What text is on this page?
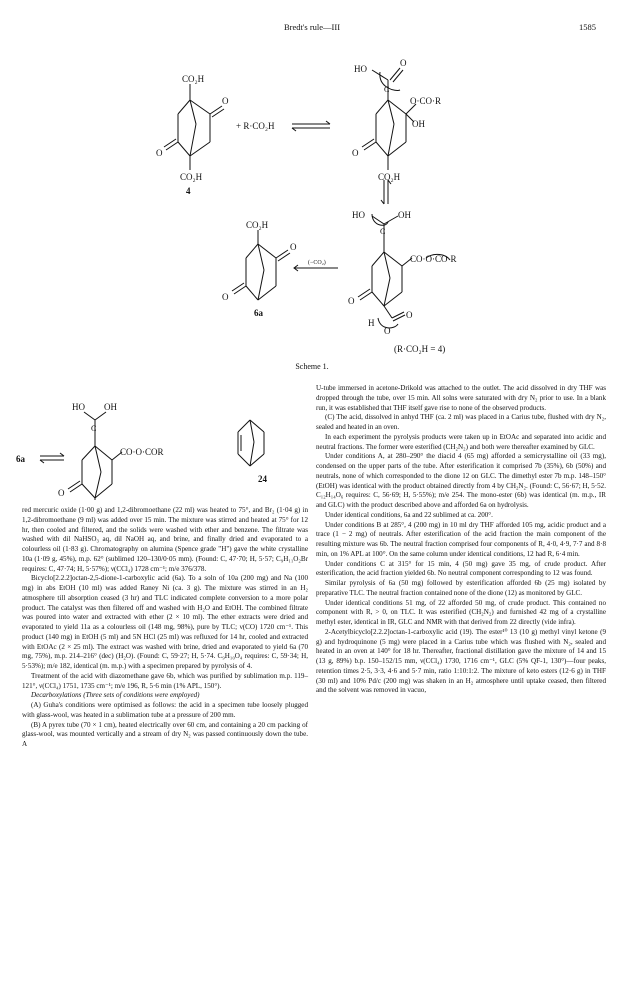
Bredt's rule—III	1585
CO₂H
O
O
CO₂H
4
+ R·CO₂H
HO
O
C
O·CO·R
OH
O
CO₂H
HO	OH
C
CO·O·CO·R
O
H
O
O
(R·CO₂H = 4)
CO₂H
O
O
6a
(−CO₂)
6a
HO OH
C
CO·O·COR
O
24
Scheme 1.

red mercuric oxide (1·00 g) and 1,2-dibromoethane (22 ml) was heated to 75°, and Br₂ (1·04 g) in 1,2-dibromoethane (9 ml) was added over 15 min. The mixture was stirred and heated at 75° for 12 hr, then cooled and filtered, and the solids were washed with ether and benzene. The filtrate was washed with dil NaHSO₃ aq, dil NaOH aq, and brine, and finally dried and evaporated to a colourless oil (1·83 g). Chromatography on alumina (Spence grade "H") gave the white crystalline 10a (1·09 g, 45%), m.p. 62° (sublimed 120–130/0·05 mm). (Found: C, 47·70; H, 5·57; C₉H₁₁O₂Br requires: C, 47·74; H, 5·57%); ν(CCl₄) 1728 cm⁻¹; m/e 376/378.

Bicyclo[2.2.2]octan-2,5-dione-1-carboxylic acid (6a). To a soln of 10a (200 mg) and Na (100 mg) in abs EtOH (10 ml) was added Raney Ni (ca. 3 g). The mixture was stirred in an H₂ atmosphere till absorption ceased (3 hr) and TLC indicated complete conversion to a more polar product. The catalyst was then filtered off and washed with H₂O and EtOH. The combined filtrate was poured into water and extracted with ether (2 × 10 ml). The ether extracts were dried and evaporated to yield 11a as a colourless oil (148 mg, 98%), pure by TLC; ν(CO) 1720 cm⁻¹. This product (140 mg) in EtOH (5 ml) and 5N HCl (25 ml) was refluxed for 14 hr, cooled and extracted with EtOAc (2 × 25 ml). The extract was washed with brine, dried and evaporated to yield 6a (70 mg, 75%), m.p. 214–216° (dec) (H₂O). (Found: C, 59·27; H, 5·74. C₉H₁₀O₄ requires: C, 59·34; H, 5·53%); m/e 182, identical (m. m.p.) with a specimen prepared by pyrolysis of 4.

Treatment of the acid with diazomethane gave 6b, which was purified by sublimation m.p. 119–121°, ν(CCl₄) 1751, 1735 cm⁻¹; m/e 196, R, 5·6 min (1% APL, 150°).

Decarboxylations (Three sets of conditions were employed)

(A) Guha's conditions were optimised as follows: the acid in a specimen tube loosely plugged with glass-wool, was heated in a sublimation tube at a pressure of 200 mm.

(B) A pyrex tube (70 × 1 cm), heated electrically over 60 cm, and containing a 20 cm packing of glass-wool, was mounted vertically and a stream of dry N₂ was passed continuously down the tube. A

U-tube immersed in acetone-Drikold was attached to the outlet. The acid dissolved in dry THF was dropped through the tube, over 15 min. All solns were saturated with dry N₂ prior to use. In a blank run, it was established that THF itself gave rise to none of the observed products.

(C) The acid, dissolved in anhyd THF (ca. 2 ml) was placed in a Carius tube, flushed with dry N₂, sealed and heated in an oven.

In each experiment the pyrolysis products were taken up in EtOAc and separated into acidic and neutral fractions. The former were esterified (CH₂N₂) and both were thereafter examined by GLC.

Under conditions A, at 280–290° the diacid 4 (65 mg) afforded a semicrystalline oil (33 mg), condensed on the upper parts of the tube. After esterification it comprised 7b (35%), 6b (50%) and neutrals, none of which corresponded to the dione 12 on GLC. The dimethyl ester 7b m.p. 148–150° (EtOH) was identical with the product obtained directly from 4 by CH₂N₂. (Found: C, 56·67; H, 5·52. C₁₂H₁₄O₆ requires: C, 56·69; H, 5·55%); m/e 254. The mono-ester (6b) was identical (m. m.p., IR and GLC) with the product described above and afforded 6a on hydrolysis.

Under identical conditions, 6a and 22 sublimed at ca. 200°.

Under conditions B at 285°, 4 (200 mg) in 10 ml dry THF afforded 105 mg, acidic product and a trace (1 − 2 mg) of neutrals. After esterification of the acid fraction the main component of the resulting mixture was 6b. The neutral fraction comprised four components of R, 4·0, 4·9, 7·7 and 8·8 min, on 1% APL at 100°. On the same column under identical conditions, 12 had R, 6·4 min.

Under conditions C at 315° for 15 min, 4 (50 mg) gave 35 mg, of crude product. After esterification, the acid fraction yielded 6b. No neutral component corresponding to 12 was found.

Similar pyrolysis of 6a (50 mg) followed by esterification afforded 6b (25 mg) isolated by preparative TLC. The neutral fraction contained none of the dione (12) as monitored by GLC.

Under identical conditions 51 mg, of 22 afforded 50 mg, of crude product. This contained no component with R, > 0, on TLC. It was esterified (CH₂N₂) and furnished 42 mg of a crystalline methyl ester, identical in IR, GLC and NMR with that derived from 22 directly (vide infra).

2-Acetylbicyclo[2.2.2]octan-1-carboxylic acid (19). The ester¹⁰ 13 (10 g) methyl vinyl ketone (9 g) and hydroquinone (5 mg) were placed in a Carius tube which was flushed with N₂, sealed and heated in an oven at 140° for 18 hr. Thereafter, fractional distillation gave the mixture of 14 and 15 (13 g, 89%) b.p. 150–152/15 mm, ν(CCl₄) 1730, 1716 cm⁻¹, GLC (5% QF-1, 130°)—four peaks, retention times 2·5, 3·3, 4·6 and 5·7 min, ratio 1:10:1:2. The mixture of keto esters (12·6 g) in THF (30 ml) and 10% Pd/c (200 mg) was shaken in an H₂ atmosphere until uptake ceased, then filtered and the solvent was removed in vacuo,
